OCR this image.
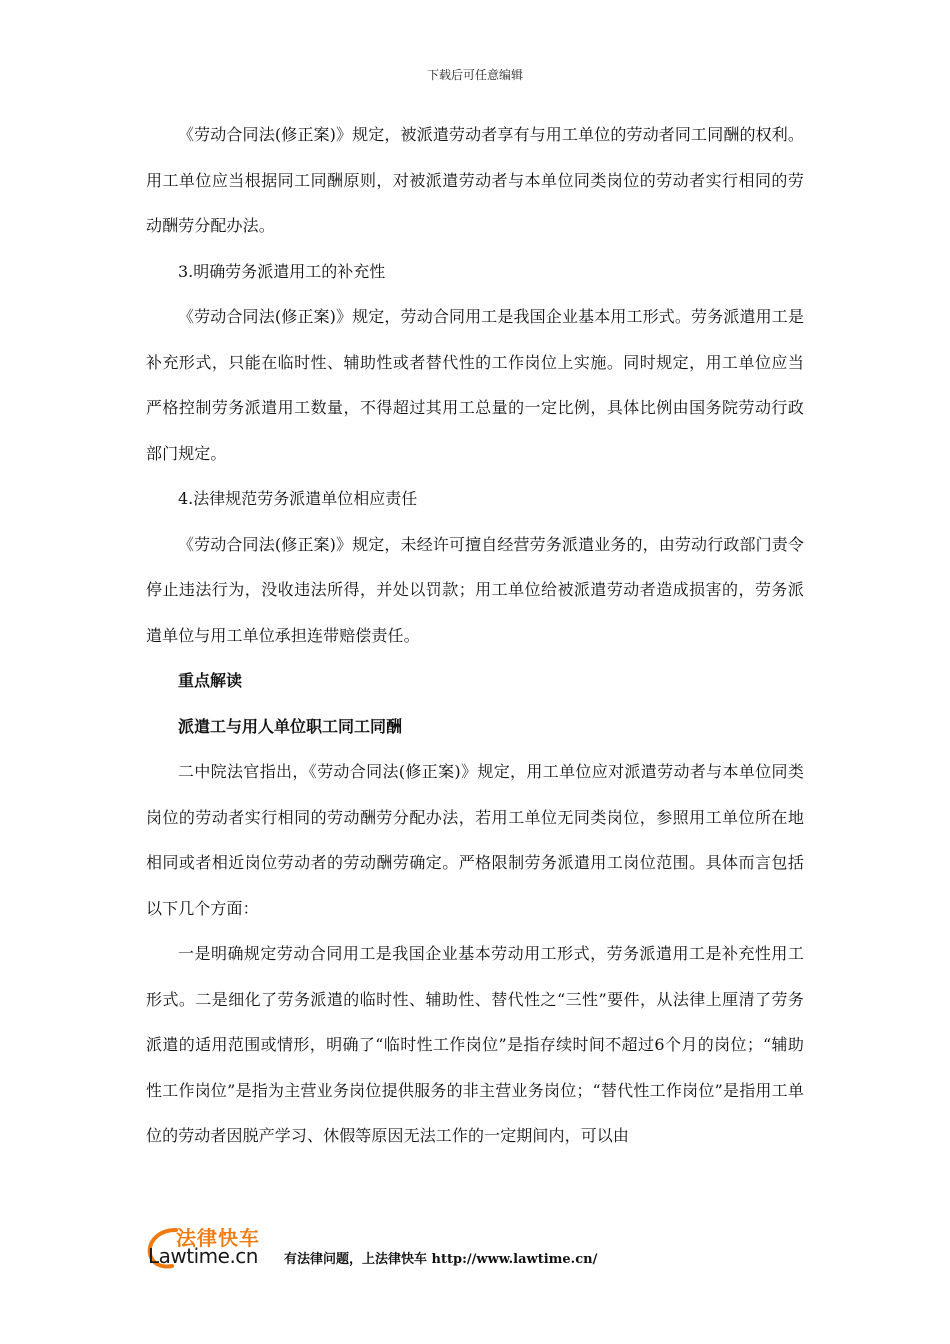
下载后可任意编辑

《劳动合同法(修正案)》规定，被派遣劳动者享有与用工单位的劳动者同工同酬的权利。用工单位应当根据同工同酬原则，对被派遣劳动者与本单位同类岗位的劳动者实行相同的劳动酬劳分配办法。

3.明确劳务派遣用工的补充性

《劳动合同法(修正案)》规定，劳动合同用工是我国企业基本用工形式。劳务派遣用工是补充形式，只能在临时性、辅助性或者替代性的工作岗位上实施。同时规定，用工单位应当严格控制劳务派遣用工数量，不得超过其用工总量的一定比例，具体比例由国务院劳动行政部门规定。

4.法律规范劳务派遣单位相应责任

《劳动合同法(修正案)》规定，未经许可擅自经营劳务派遣业务的，由劳动行政部门责令停止违法行为，没收违法所得，并处以罚款；用工单位给被派遣劳动者造成损害的，劳务派遣单位与用工单位承担连带赔偿责任。

重点解读

派遣工与用人单位职工同工同酬

二中院法官指出，《劳动合同法(修正案)》规定，用工单位应对派遣劳动者与本单位同类岗位的劳动者实行相同的劳动酬劳分配办法，若用工单位无同类岗位，参照用工单位所在地相同或者相近岗位劳动者的劳动酬劳确定。严格限制劳务派遣用工岗位范围。具体而言包括以下几个方面：

一是明确规定劳动合同用工是我国企业基本劳动用工形式，劳务派遣用工是补充性用工形式。二是细化了劳务派遣的临时性、辅助性、替代性之“三性”要件，从法律上厘清了劳务派遣的适用范围或情形，明确了“临时性工作岗位”是指存续时间不超过6个月的岗位；“辅助性工作岗位”是指为主营业务岗位提供服务的非主营业务岗位；“替代性工作岗位”是指用工单位的劳动者因脱产学习、休假等原因无法工作的一定期间内，可以由

法律快车
Lawtime.cn 有法律问题，上法律快车 http://www.lawtime.cn/
